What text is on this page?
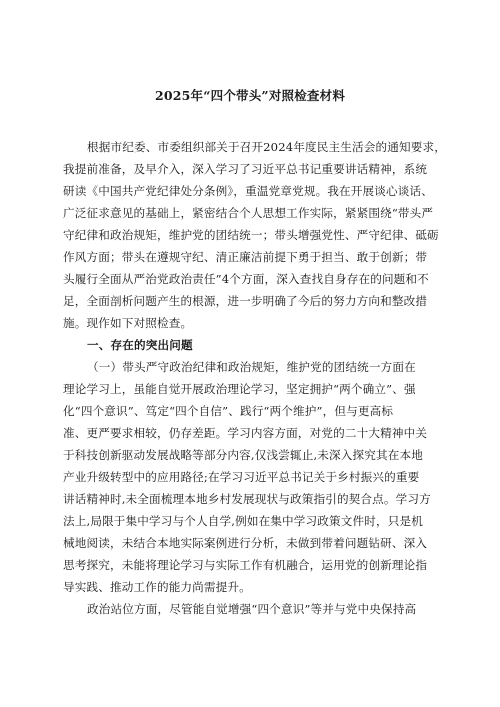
2025年“四个带头”对照检查材料
根据市纪委、市委组织部关于召开2024年度民主生活会的通知要求，
我提前准备，及早介入，深入学习了习近平总书记重要讲话精神，系统
研读《中国共产党纪律处分条例》，重温党章党规。我在开展谈心谈话、
广泛征求意见的基础上，紧密结合个人思想工作实际，紧紧围绕“带头严
守纪律和政治规矩，维护党的团结统一；带头增强党性、严守纪律、砥砺
作风方面；带头在遵规守纪、清正廉洁前提下勇于担当、敢于创新；带
头履行全面从严治党政治责任”4个方面，深入查找自身存在的问题和不
足，全面剖析问题产生的根源，进一步明确了今后的努力方向和整改措
施。现作如下对照检查。
一、存在的突出问题
（一）带头严守政治纪律和政治规矩，维护党的团结统一方面在
理论学习上，虽能自觉开展政治理论学习，坚定拥护“两个确立”、强
化“四个意识”、笃定“四个自信”、践行“两个维护”，但与更高标
准、更严要求相较，仍存差距。学习内容方面，对党的二十大精神中关
于科技创新驱动发展战略等部分内容,仅浅尝辄止,未深入探究其在本地
产业升级转型中的应用路径;在学习习近平总书记关于乡村振兴的重要
讲话精神时,未全面梳理本地乡村发展现状与政策指引的契合点。学习方
法上,局限于集中学习与个人自学,例如在集中学习政策文件时，只是机
械地阅读，未结合本地实际案例进行分析，未做到带着问题钻研、深入
思考探究，未能将理论学习与实际工作有机融合，运用党的创新理论指
导实践、推动工作的能力尚需提升。
政治站位方面，尽管能自觉增强“四个意识”等并与党中央保持高
